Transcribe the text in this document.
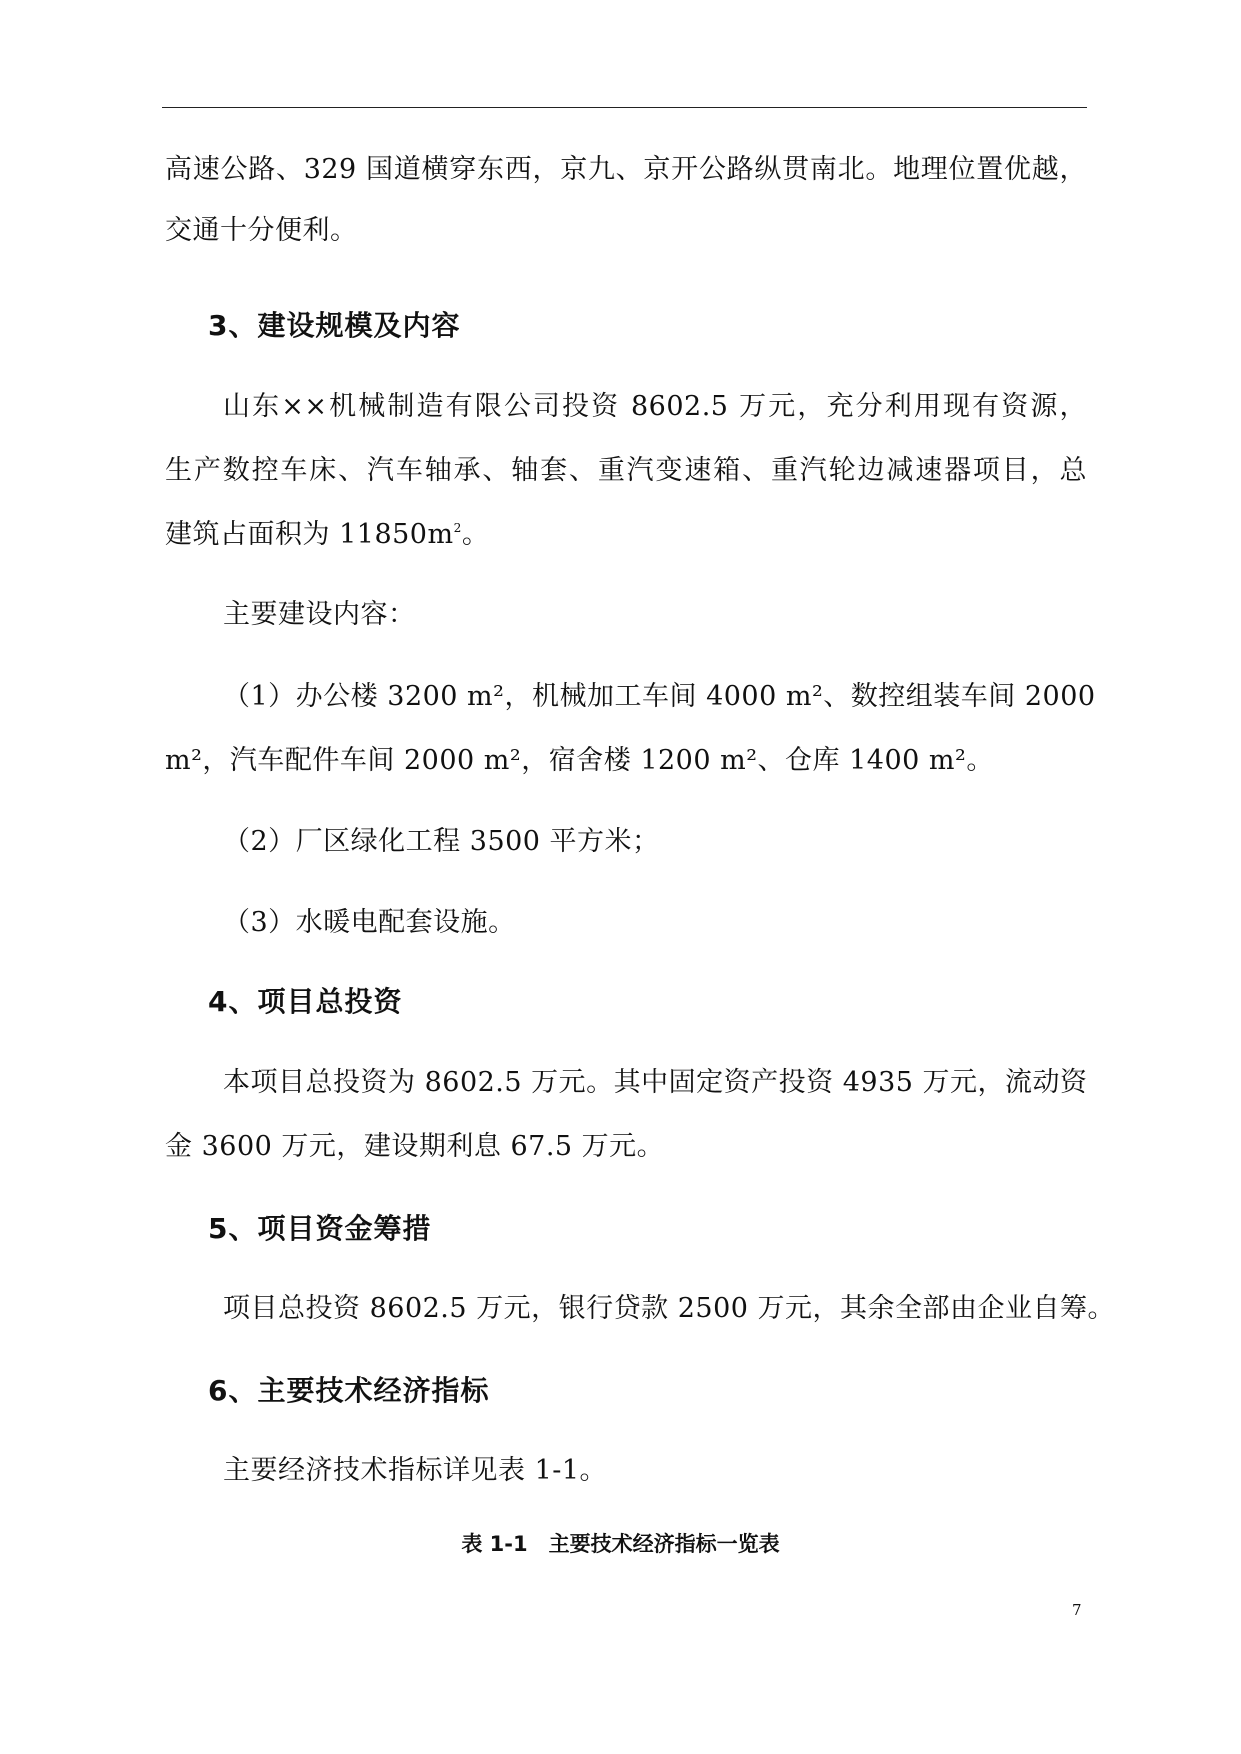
高速公路、329 国道横穿东西，京九、京开公路纵贯南北。地理位置优越，
交通十分便利。
3、建设规模及内容
山东××机械制造有限公司投资 8602.5 万元，充分利用现有资源，
生产数控车床、汽车轴承、轴套、重汽变速箱、重汽轮边减速器项目，总
建筑占面积为 $11850m^2$。
主要建设内容：
（1）办公楼 3200 m²，机械加工车间 4000 m²、数控组装车间 2000
m²，汽车配件车间 2000 m²，宿舍楼 1200 m²、仓库 1400 m²。
（2）厂区绿化工程 3500 平方米；
（3）水暖电配套设施。
4、项目总投资
本项目总投资为 8602.5 万元。其中固定资产投资 4935 万元，流动资
金 3600 万元，建设期利息 67.5 万元。
5、项目资金筹措
项目总投资 8602.5 万元，银行贷款 2500 万元，其余全部由企业自筹。
6、主要技术经济指标
主要经济技术指标详见表 1-1。
表 1-1　主要技术经济指标一览表
7
